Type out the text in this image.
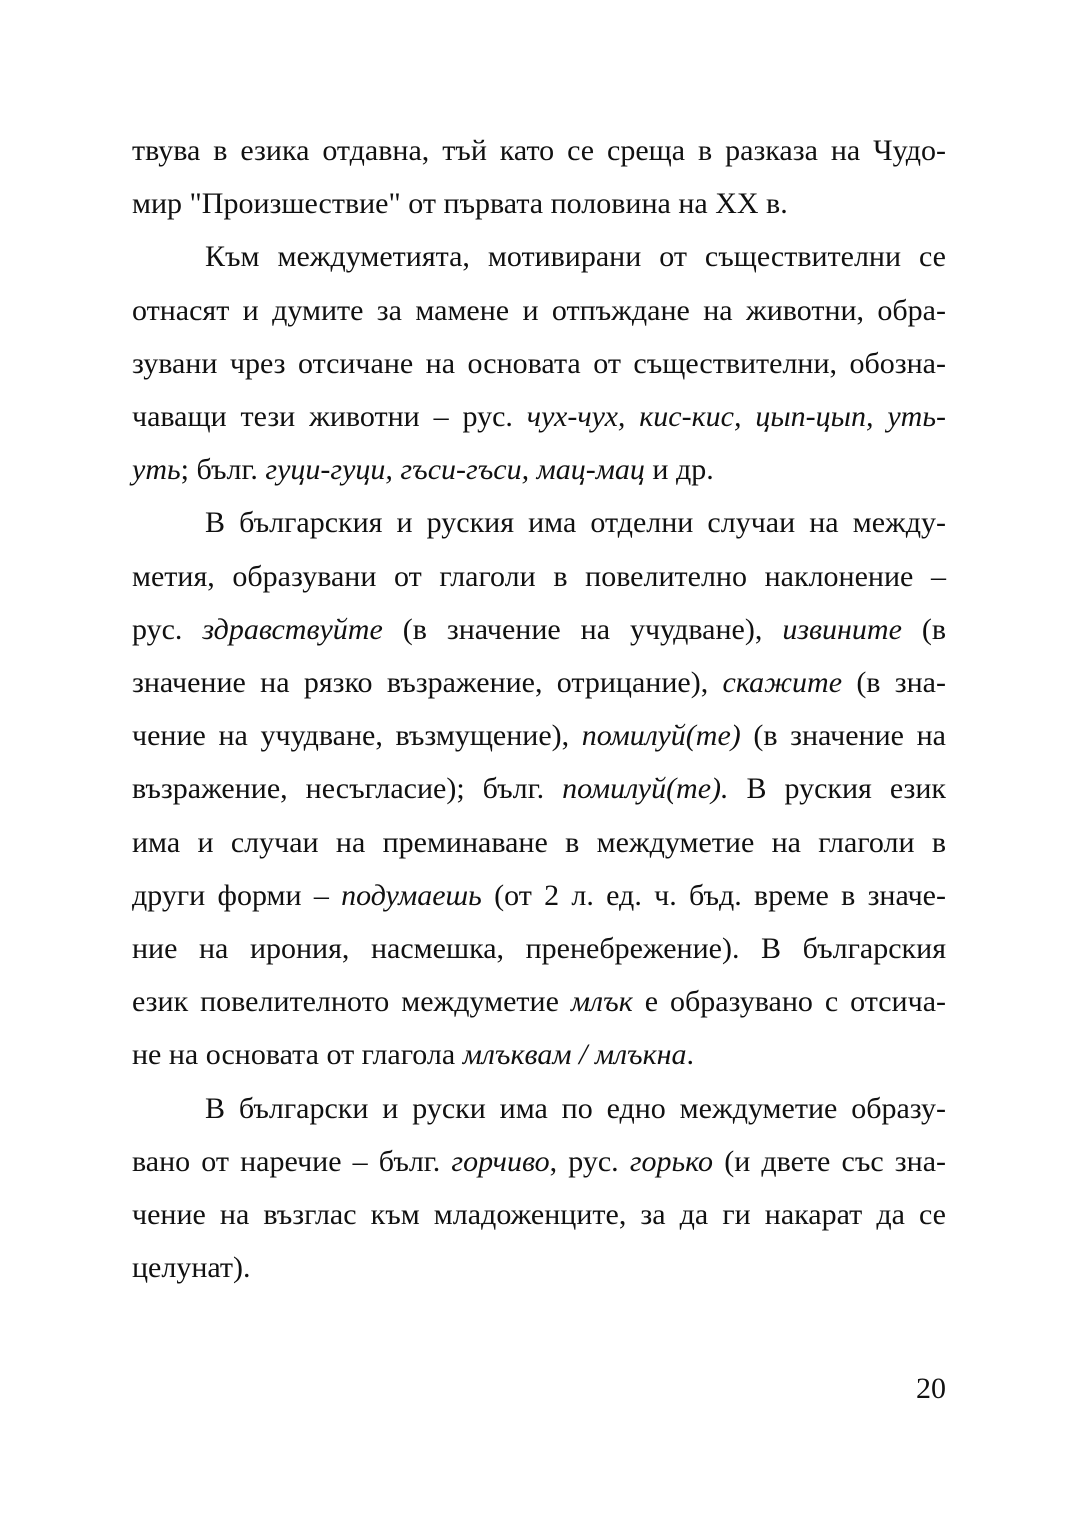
твува в езика отдавна, тъй като се среща в разказа на Чудо-
мир "Произшествие" от първата половина на XX в.
Към междуметията, мотивирани от съществителни се
отнасят и думите за мамене и отпъждане на животни, обра-
зувани чрез отсичане на основата от съществителни, обозна-
чаващи тези животни – рус. чух-чух, кис-кис, цып-цып, уть-
уть; бълг. гуци-гуци, гъси-гъси, мац-мац и др.
В българския и руския има отделни случаи на между-
метия, образувани от глаголи в повелително наклонение –
рус. здравствуйте (в значение на учудване), извините (в
значение на рязко възражение, отрицание), скажите (в зна-
чение на учудване, възмущение), помилуй(те) (в значение на
възражение, несъгласие); бълг. помилуй(те). В руския език
има и случаи на преминаване в междуметие на глаголи в
други форми – подумаешь (от 2 л. ед. ч. бъд. време в значе-
ние на ирония, насмешка, пренебрежение). В българския
език повелителното междуметие млък е образувано с отсича-
не на основата от глагола млъквам / млъкна.
В български и руски има по едно междуметие образу-
вано от наречие – бълг. горчиво, рус. горько (и двете със зна-
чение на възглас към младоженците, за да ги накарат да се
целунат).
20
